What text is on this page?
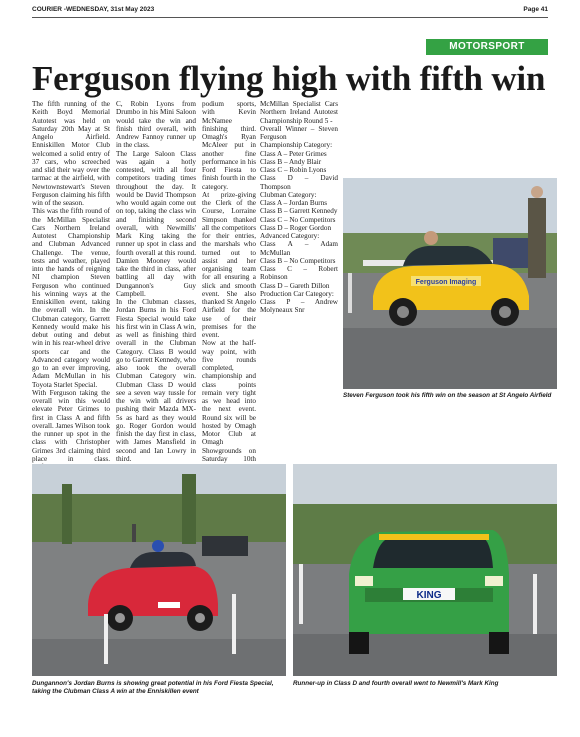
COURIER -WEDNESDAY, 31st May 2023	Page 41
MOTORSPORT
Ferguson flying high with fifth win

The fifth running of the Keith Boyd Memorial Autotest was held on Saturday 20th May at St Angelo Airfield. Enniskillen Motor Club welcomed a solid entry of 37 cars, who screeched and slid their way over the tarmac at the airfield, with Newtownstewart's Steven Ferguson claiming his fifth win of the season.

This was the fifth round of the McMillan Specialist Cars Northern Ireland Autotest Championship and Clubman Advanced Challenge. The venue, tests and weather, played into the hands of reigning NI champion Steven Ferguson who continued his winning ways at the Enniskillen event, taking the overall win. In the Clubman category, Garrett Kennedy would make his debut outing and debut win in his rear-wheel drive sports car and the Advanced category would go to an ever improving, Adam McMullan in his Toyota Starlet Special.

With Ferguson taking the overall win this would elevate Peter Grimes to first in Class A and fifth overall. James Wilson took the runner up spot in the class with Christopher Grimes 3rd claiming third place in class.

C, Robin Lyons from Drumbo in his Mini Saloon would take the win and finish third overall, with Andrew Fannoy runner up in the class.

The Large Saloon Class was again a hotly contested, with all four competitors trading times throughout the day. It would be David Thompson who would again come out on top, taking the class win and finishing second overall, with Newmills' Mark King taking the runner up spot in class and fourth overall at this round. Damien Mooney would take the third in class, after battling all day with Dungannon's Guy Campbell.

In the Clubman classes, Jordan Burns in his Ford Fiesta Special would take his first win in Class A win, as well as finishing third overall in the Clubman Category. Class B would go to Garrett Kennedy, who also took the overall Clubman Category win. Clubman Class D would see a seven way tussle for the win with all drivers pushing their Mazda MX-5s as hard as they would go. Roger Gordon would finish the day first in class, with James Mansfield in second and Ian Lowry in third.

podium sports, with Kevin McNamee finishing third. Omagh's Ryan McAleer put in another fine performance in his Ford Fiesta to finish fourth in the category.

At prize-giving the Clerk of the Course, Lorraine Simpson thanked all the competitors for their entries, the marshals who turned out to assist and her organising team for all ensuring a slick and smooth event. She also thanked St Angelo Airfield for the use of their premises for the event.

Now at the half-way point, with five rounds completed, championship and class points remain very tight as we head into the next event. Round six will be hosted by Omagh Motor Club at Omagh Showgrounds on Saturday 10th

McMillan Specialist Cars Northern Ireland Autotest Championship Round 5 -

Overall Winner – Steven Ferguson

Championship Category:

Class A – Peter Grimes

Class B – Andy Blair

Class C – Robin Lyons

Class D – David Thompson

Clubman Category:

Class A – Jordan Burns

Class B – Garrett Kennedy

Class C – No Competitors

Class D – Roger Gordon

Advanced Category:

Class A – Adam McMullan

Class B – No Competitors

Class C – Robert Robinson

Class D – Gareth Dillon

Production Car Category:

Class P – Andrew Molyneaux Snr

Ferguson Imaging
Steven Ferguson took his fifth win on the season at St Angelo Airfield
Dungannon's Jordan Burns is showing great potential in his Ford Fiesta Special, taking the Clubman Class A win at the Enniskillen event
KING
Runner-up in Class D and fourth overall went to Newmill's Mark King
